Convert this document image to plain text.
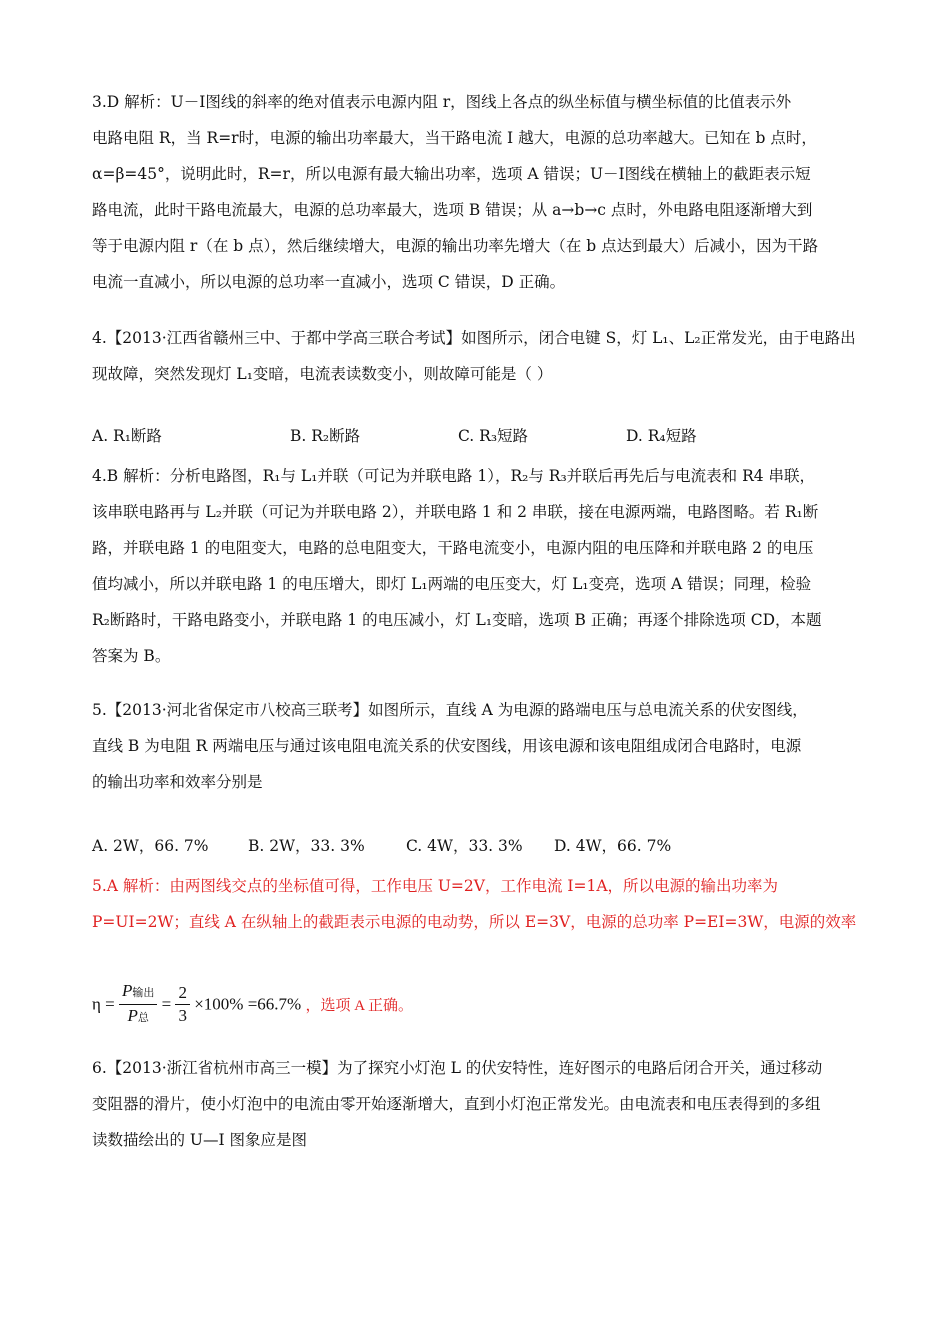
3.D 解析：U－I图线的斜率的绝对值表示电源内阻 r，图线上各点的纵坐标值与横坐标值的比值表示外
电路电阻 R，当 R=r时，电源的输出功率最大，当干路电流 I 越大，电源的总功率越大。已知在 b 点时，
α=β=45°，说明此时，R=r，所以电源有最大输出功率，选项 A 错误；U－I图线在横轴上的截距表示短
路电流，此时干路电流最大，电源的总功率最大，选项 B 错误；从 a→b→c 点时，外电路电阻逐渐增大到
等于电源内阻 r（在 b 点），然后继续增大，电源的输出功率先增大（在 b 点达到最大）后减小，因为干路
电流一直减小，所以电源的总功率一直减小，选项 C 错误，D 正确。
4.【2013·江西省赣州三中、于都中学高三联合考试】如图所示，闭合电键 S，灯 L₁、L₂正常发光，由于电路出
现故障，突然发现灯 L₁变暗，电流表读数变小，则故障可能是（ ）
A. R₁断路	B. R₂断路	C. R₃短路	D. R₄短路
4.B 解析：分析电路图，R₁与 L₁并联（可记为并联电路 1），R₂与 R₃并联后再先后与电流表和 R4 串联，
该串联电路再与 L₂并联（可记为并联电路 2），并联电路 1 和 2 串联，接在电源两端，电路图略。若 R₁断
路，并联电路 1 的电阻变大，电路的总电阻变大，干路电流变小，电源内阻的电压降和并联电路 2 的电压
值均减小，所以并联电路 1 的电压增大，即灯 L₁两端的电压变大，灯 L₁变亮，选项 A 错误；同理，检验
R₂断路时，干路电路变小，并联电路 1 的电压减小，灯 L₁变暗，选项 B 正确；再逐个排除选项 CD，本题
答案为 B。
5.【2013·河北省保定市八校高三联考】如图所示，直线 A 为电源的路端电压与总电流关系的伏安图线，
直线 B 为电阻 R 两端电压与通过该电阻电流关系的伏安图线，用该电源和该电阻组成闭合电路时，电源
的输出功率和效率分别是
A. 2W，66. 7%	B. 2W，33. 3%	C. 4W，33. 3% D. 4W，66. 7%
5.A 解析：由两图线交点的坐标值可得，工作电压 U=2V，工作电流 I=1A，所以电源的输出功率为
P=UI=2W；直线 A 在纵轴上的截距表示电源的电动势，所以 E=3V，电源的总功率 P=EI=3W，电源的效率
$\eta = \frac{\text{P输出}}{\text{P总}} = \frac{2}{3} \times 100\% =66.7\%$ ，选项 A 正确。
6.【2013·浙江省杭州市高三一模】为了探究小灯泡 L 的伏安特性，连好图示的电路后闭合开关，通过移动
变阻器的滑片，使小灯泡中的电流由零开始逐渐增大，直到小灯泡正常发光。由电流表和电压表得到的多组
读数描绘出的 U—I 图象应是图
